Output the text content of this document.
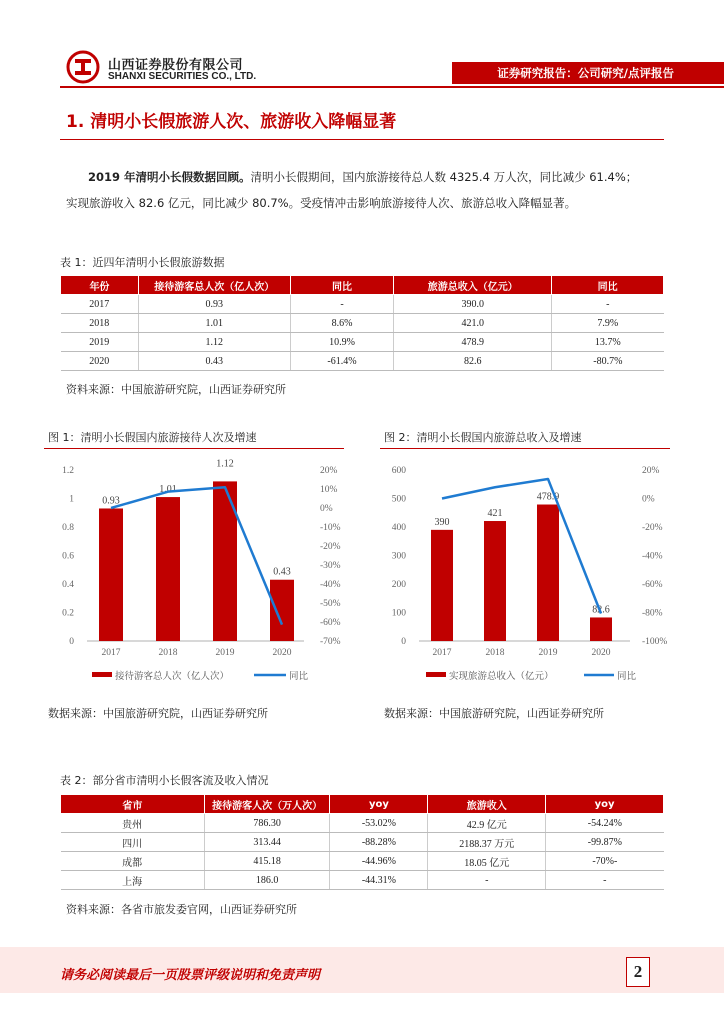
山西证券股份有限公司
SHANXI SECURITIES CO., LTD.	证券研究报告：公司研究/点评报告
1. 清明小长假旅游人次、旅游收入降幅显著
2019 年清明小长假数据回顾。清明小长假期间，国内旅游接待总人数 4325.4 万人次，同比减少 61.4%；
实现旅游收入 82.6 亿元，同比减少 80.7%。受疫情冲击影响旅游接待人次、旅游总收入降幅显著。
表 1：近四年清明小长假旅游数据
年份	接待游客总人次（亿人次）	同比	旅游总收入（亿元）	同比
2017	0.93	-	390.0	-
2018	1.01	8.6%	421.0	7.9%
2019	1.12	10.9%	478.9	13.7%
2020	0.43	-61.4%	82.6	-80.7%
资料来源：中国旅游研究院，山西证券研究所
图 1：清明小长假国内旅游接待人次及增速	图 2：清明小长假国内旅游总收入及增速
0
0.2
0.4
0.6
0.8
1
1.2
-70%
-60%
-50%
-40%
-30%
-20%
-10%
0%
10%
20%
0.93
1.01
1.12
0.43
2017	2018	2019	2020
接待游客总人次（亿人次）	同比
0
100
200
300
400
500
600
-100%
-80%
-60%
-40%
-20%
0%
20%
390
421
478.9
82.6
2017	2018	2019	2020
实现旅游总收入（亿元）	同比
数据来源：中国旅游研究院，山西证券研究所	数据来源：中国旅游研究院，山西证券研究所
表 2：部分省市清明小长假客流及收入情况
省市	接待游客人次（万人次）	yoy	旅游收入	yoy
贵州	786.30	-53.02%	42.9 亿元	-54.24%
四川	313.44	-88.28%	2188.37 万元	-99.87%
成都	415.18	-44.96%	18.05 亿元	-70%-
上海	186.0	-44.31%	-	-
资料来源：各省市旅发委官网，山西证券研究所
请务必阅读最后一页股票评级说明和免责声明	2
